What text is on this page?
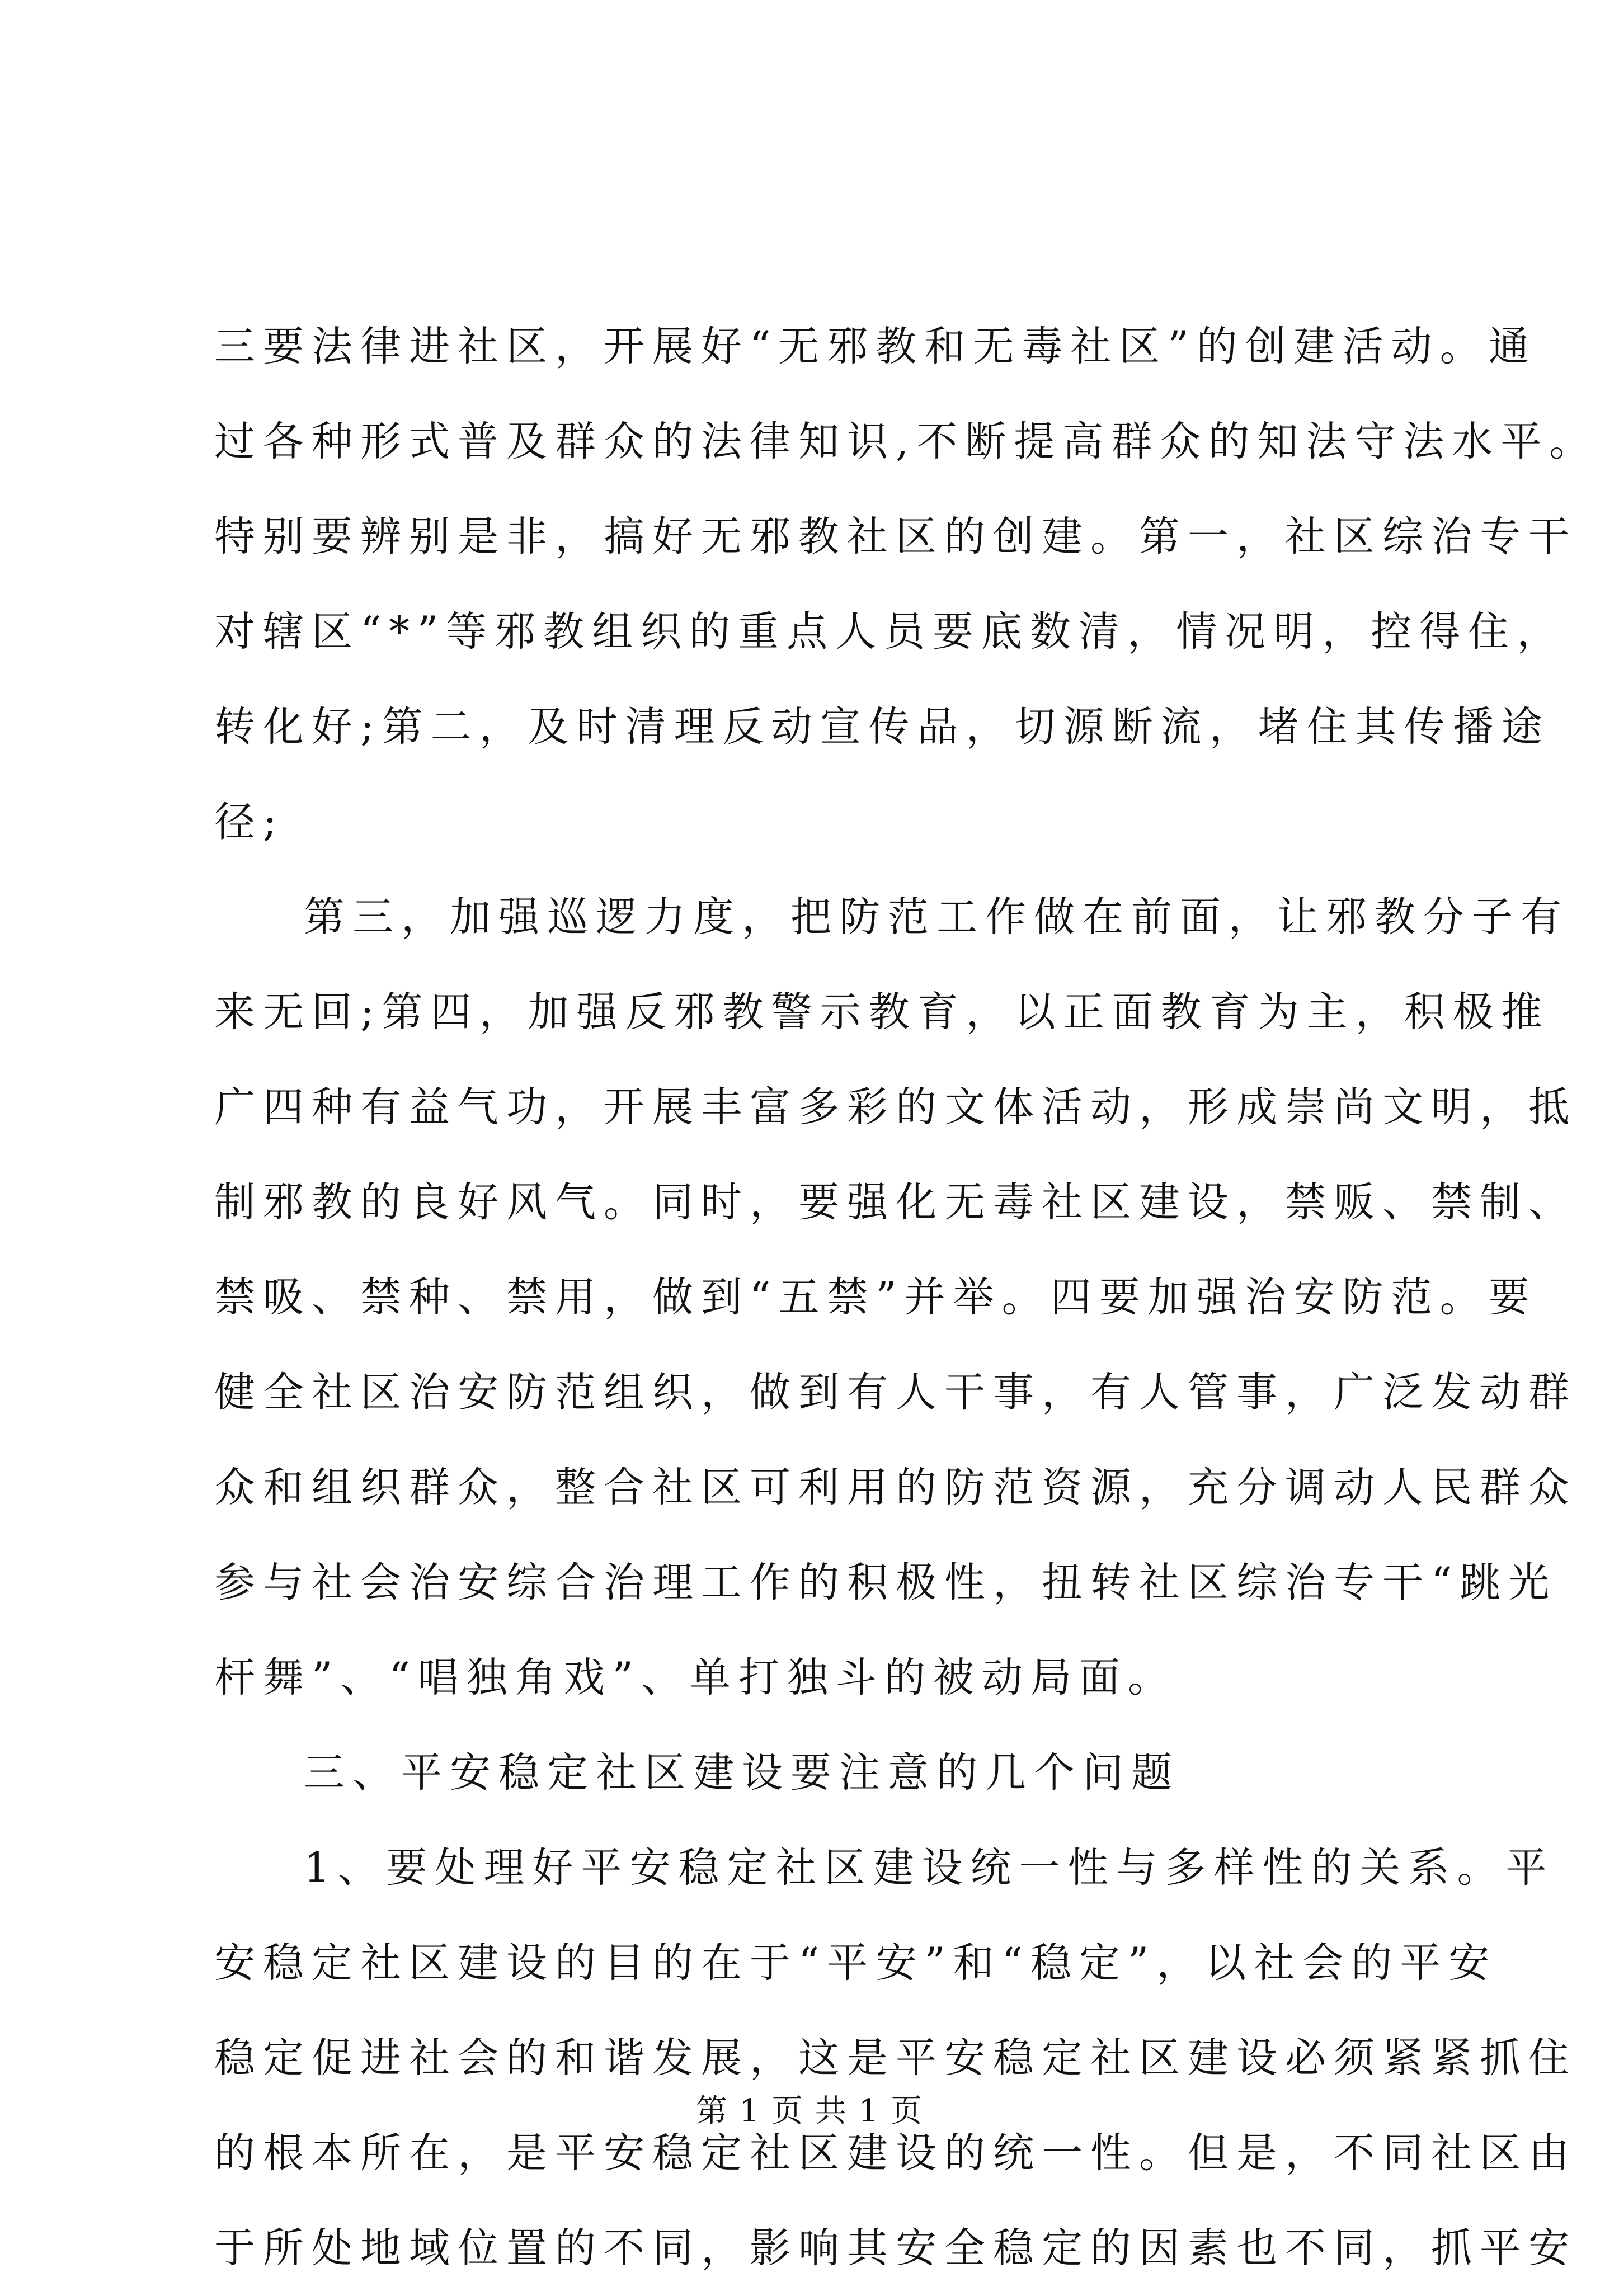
三要法律进社区，开展好“无邪教和无毒社区”的创建活动。通
过各种形式普及群众的法律知识,不断提高群众的知法守法水平。
特别要辨别是非，搞好无邪教社区的创建。第一，社区综治专干
对辖区“*”等邪教组织的重点人员要底数清，情况明，控得住，
转化好;第二，及时清理反动宣传品，切源断流，堵住其传播途
径;
第三，加强巡逻力度，把防范工作做在前面，让邪教分子有
来无回;第四，加强反邪教警示教育，以正面教育为主，积极推
广四种有益气功，开展丰富多彩的文体活动，形成崇尚文明，抵
制邪教的良好风气。同时，要强化无毒社区建设，禁贩、禁制、
禁吸、禁种、禁用，做到“五禁”并举。四要加强治安防范。要
健全社区治安防范组织，做到有人干事，有人管事，广泛发动群
众和组织群众，整合社区可利用的防范资源，充分调动人民群众
参与社会治安综合治理工作的积极性，扭转社区综治专干“跳光
杆舞”、“唱独角戏”、单打独斗的被动局面。
三、平安稳定社区建设要注意的几个问题
1、要处理好平安稳定社区建设统一性与多样性的关系。平
安稳定社区建设的目的在于“平安”和“稳定”，以社会的平安
稳定促进社会的和谐发展，这是平安稳定社区建设必须紧紧抓住
的根本所在，是平安稳定社区建设的统一性。但是，不同社区由
于所处地域位置的不同，影响其安全稳定的因素也不同，抓平安
第 1 页 共 1 页
